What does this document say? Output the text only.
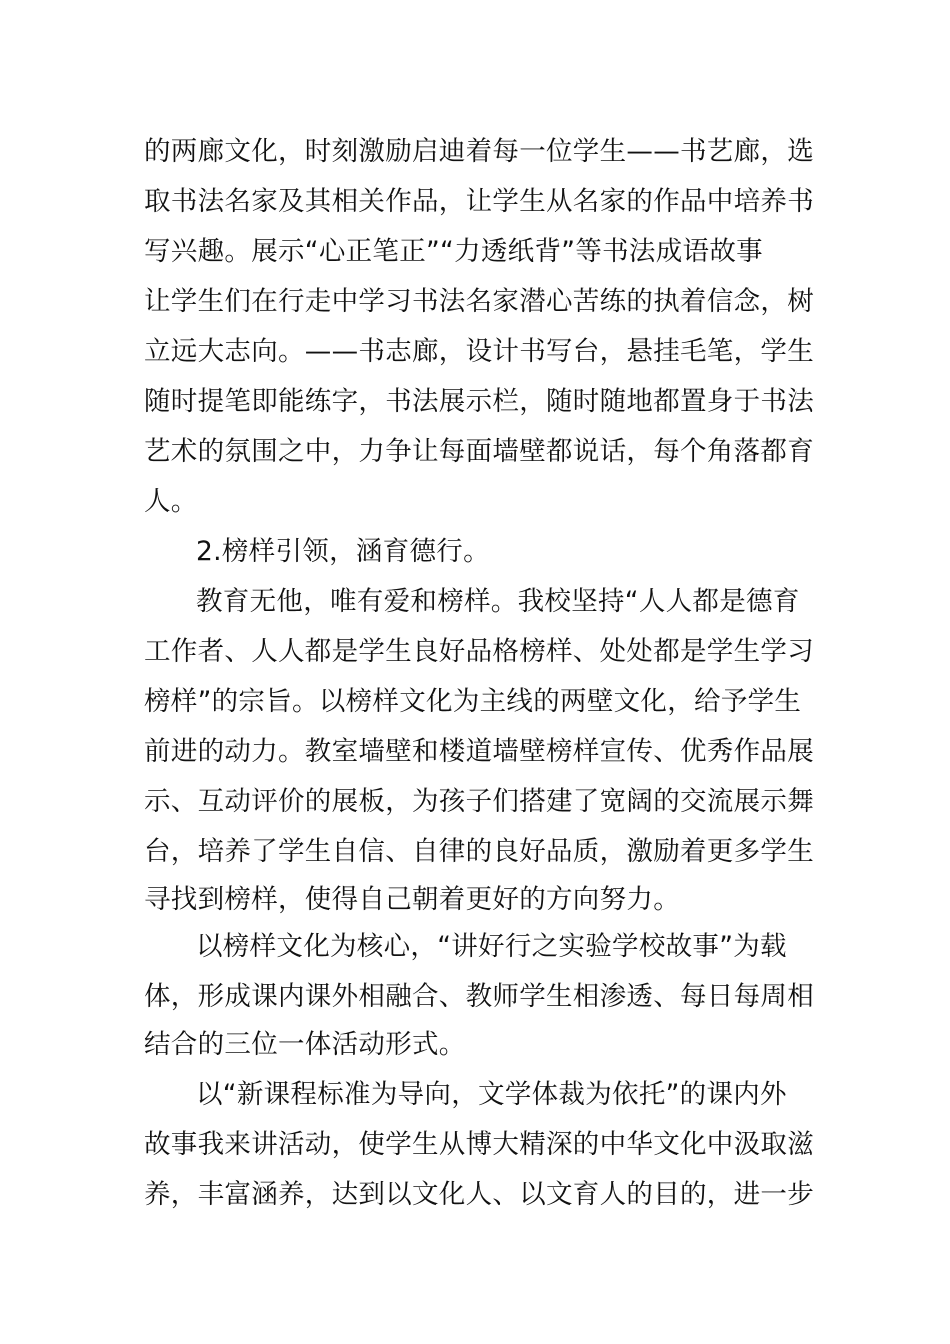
的两廊文化，时刻激励启迪着每一位学生——书艺廊，选
取书法名家及其相关作品，让学生从名家的作品中培养书
写兴趣。展示“心正笔正”“力透纸背”等书法成语故事
让学生们在行走中学习书法名家潜心苦练的执着信念，树
立远大志向。——书志廊，设计书写台，悬挂毛笔，学生
随时提笔即能练字，书法展示栏，随时随地都置身于书法
艺术的氛围之中，力争让每面墙壁都说话，每个角落都育
人。
2.榜样引领，涵育德行。
教育无他，唯有爱和榜样。我校坚持“人人都是德育
工作者、人人都是学生良好品格榜样、处处都是学生学习
榜样”的宗旨。以榜样文化为主线的两壁文化，给予学生
前进的动力。教室墙壁和楼道墙壁榜样宣传、优秀作品展
示、互动评价的展板，为孩子们搭建了宽阔的交流展示舞
台，培养了学生自信、自律的良好品质，激励着更多学生
寻找到榜样，使得自己朝着更好的方向努力。
以榜样文化为核心，“讲好行之实验学校故事”为载
体，形成课内课外相融合、教师学生相渗透、每日每周相
结合的三位一体活动形式。
以“新课程标准为导向，文学体裁为依托”的课内外
故事我来讲活动，使学生从博大精深的中华文化中汲取滋
养，丰富涵养，达到以文化人、以文育人的目的，进一步
